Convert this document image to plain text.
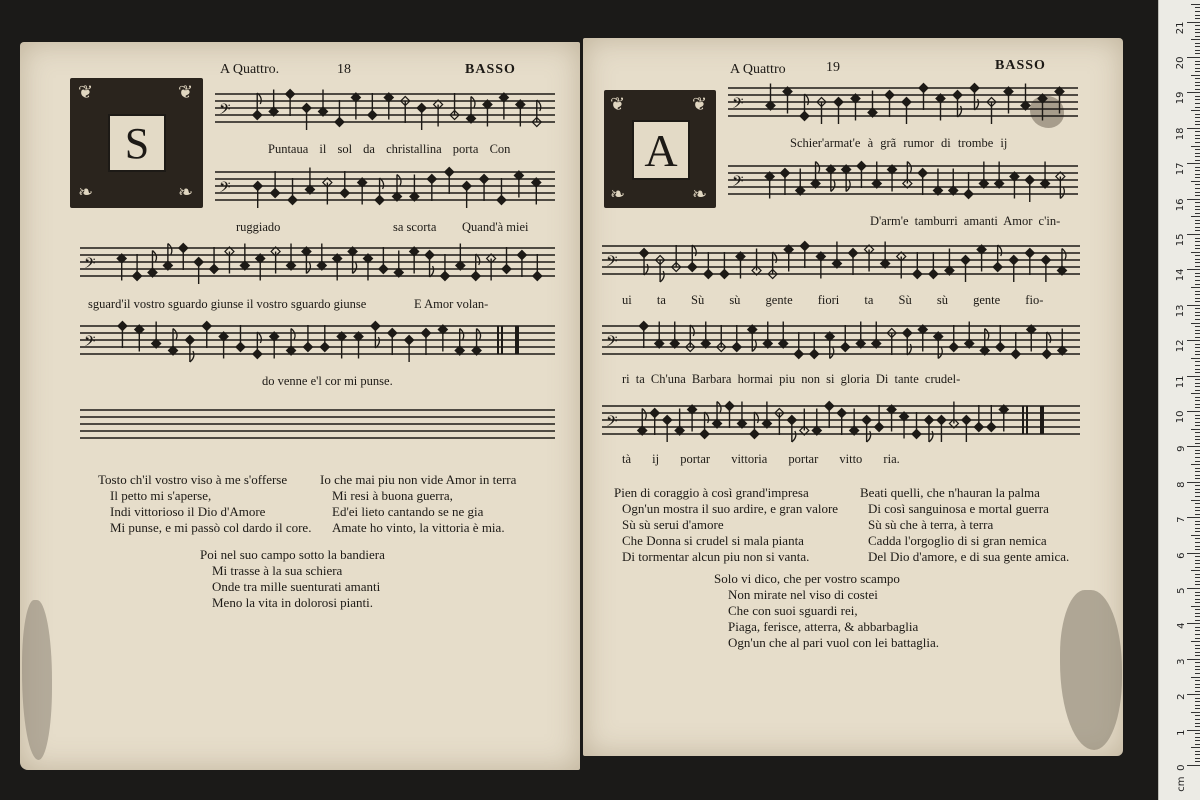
A Quattro.	18	BASSO
❦	❦
❧	❧
S
𝄢
𝄢
𝄢
𝄢
Puntaua il sol da christallina porta Con
ruggiado	sa scorta Quand'à miei
sguard'il vostro sguardo giunse il vostro sguardo giunse	E Amor volan-
do venne e'l cor mi punse.
Tosto ch'il vostro viso à me s'offerse
Il petto mi s'aperse,
Indi vittorioso il Dio d'Amore
Mi punse, e mi passò col dardo il core.
Io che mai piu non vide Amor in terra
Mi resi à buona guerra,
Ed'ei lieto cantando se ne gia
Amate ho vinto, la vittoria è mia.
Poi nel suo campo sotto la bandiera
Mi trasse à la sua schiera
Onde tra mille suenturati amanti
Meno la vita in dolorosi pianti.
A Quattro	19	BASSO
❦	❦
❧	❧
A
𝄢
𝄢
𝄢
𝄢
𝄢
Schier'armat'e à grã rumor di trombe ij
D'arm'e tamburri amanti Amor c'in-
ui ta Sù sù gente fiori ta Sù sù gente fio-
ri ta Ch'una Barbara hormai piu non si gloria Di tante crudel-
tà ij portar vittoria portar vitto ria.
Pien di coraggio à così grand'impresa
Ogn'un mostra il suo ardire, e gran valore
Sù sù serui d'amore
Che Donna si crudel si mala pianta
Di tormentar alcun piu non si vanta.
Beati quelli, che n'hauran la palma
Di così sanguinosa e mortal guerra
Sù sù che à terra, à terra
Cadda l'orgoglio di si gran nemica
Del Dio d'amore, e di sua gente amica.
Solo vi dico, che per vostro scampo
Non mirate nel viso di costei
Che con suoi sguardi rei,
Piaga, ferisce, atterra, & abbarbaglia
Ogn'un che al pari vuol con lei battaglia.
0
1
2
3
4
5
6
7
8
9
10
11
12
13
14
15
16
17
18
19
20
21
cm
